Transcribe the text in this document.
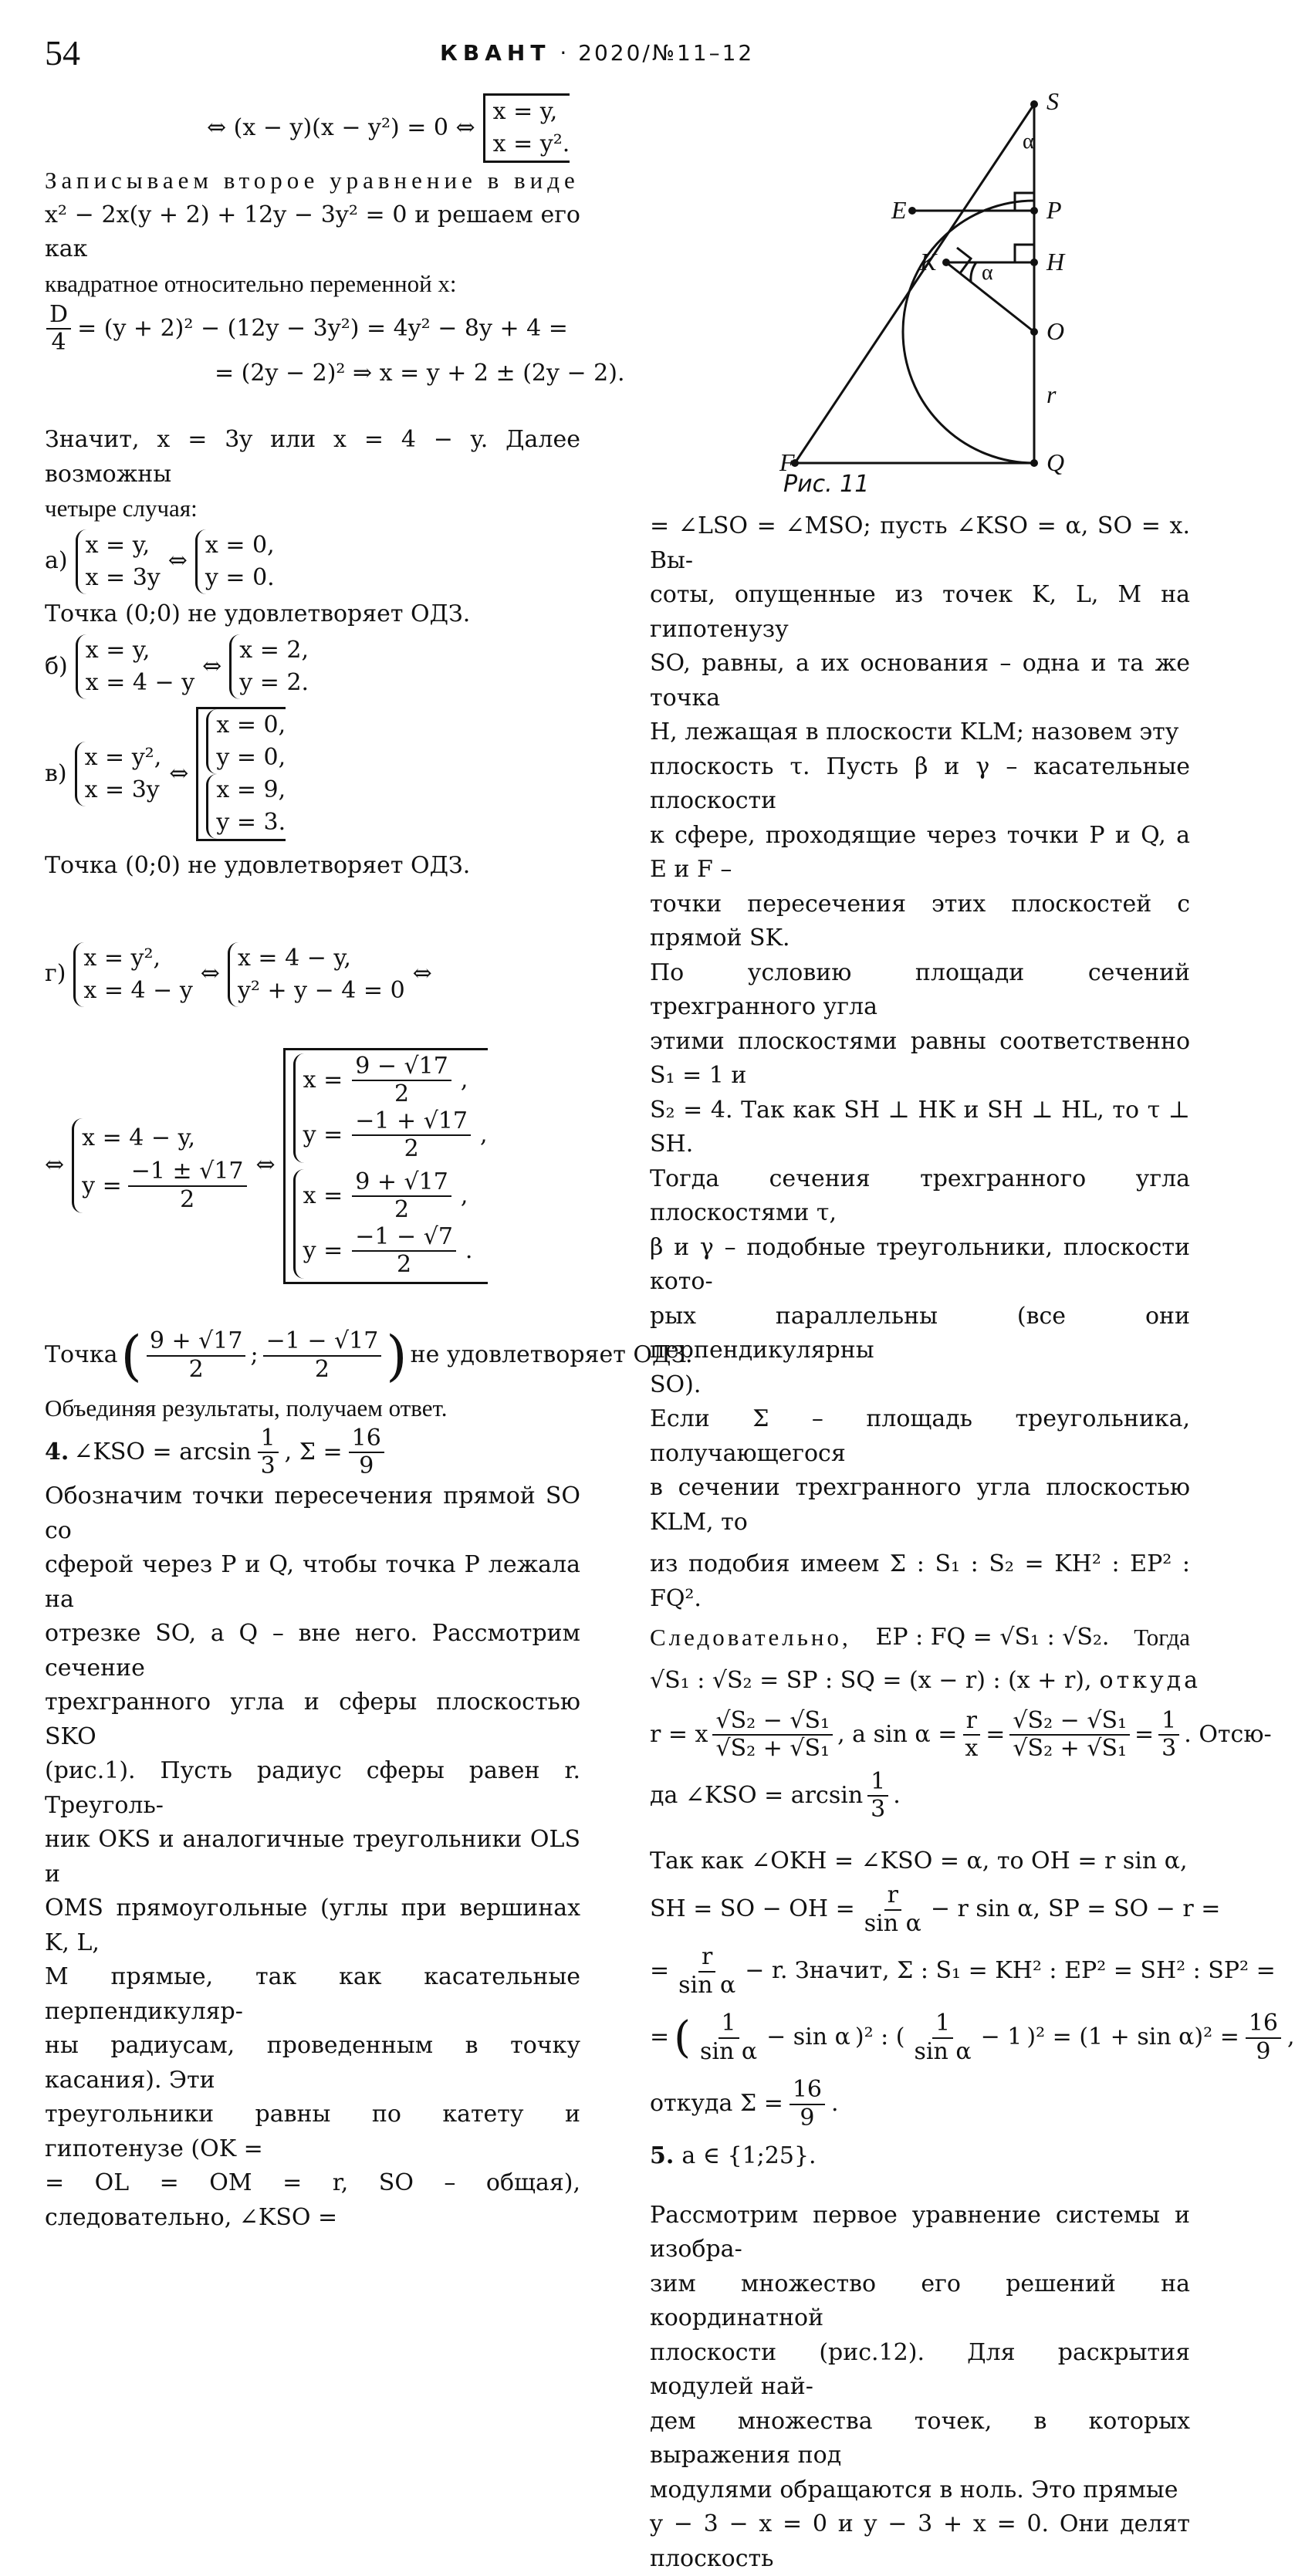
54	КВАНТ · 2020/№11–12
⇔ (x − y)(x − y²) = 0 ⇔
x = y,
x = y².
Записываем второе уравнение в виде
x² − 2x(y + 2) + 12y − 3y² = 0 и решаем его как
квадратное относительно переменной x:
$\frac{D}{4} = (y + 2)^2 - (12y - 3y^2) = 4y^2 - 8y + 4$ =
= (2y − 2)² ⇒ x = y + 2 ± (2y − 2).
Значит, x = 3y или x = 4 − y. Далее возможны
четыре случая:
а)
x = y,
x = 3y
⇔
x = 0,
y = 0.
Точка (0;0) не удовлетворяет ОДЗ.
б)
x = y,
x = 4 − y
⇔
x = 2,
y = 2.
в)
x = y²,
x = 3y
⇔
x = 0,
y = 0,
x = 9,
y = 3.
Точка (0;0) не удовлетворяет ОДЗ.
г)
x = y²,
x = 4 − y
⇔
x = 4 − y,
y² + y − 4 = 0
⇔
⇔
x = 4 − y,
$y = \frac{-1 \pm √17}{2}$ ⇔
$x = \frac{9 - √17}{2}$ ,
$y = \frac{-1 + √17}{2}$ ,
$x = \frac{9 + √17}{2}$ ,
$y = \frac{-1 - √7}{2}$ .
Точка ( $\frac{9 + √17}{2}$ ; $\frac{-1 - √17}{2}$ ) не удовлетворяет ОДЗ.
Объединяя результаты, получаем ответ.
4. ∠KSO = $\arcsin \frac{1}{3}$ , $\Sigma = \frac{16}{9}$
Обозначим точки пересечения прямой SO со
сферой через P и Q, чтобы точка P лежала на
отрезке SO, а Q – вне него. Рассмотрим сечение
трехгранного угла и сферы плоскостью SKO
(рис.1). Пусть радиус сферы равен r. Треуголь-
ник OKS и аналогичные треугольники OLS и
OMS прямоугольные (углы при вершинах K, L,
M прямые, так как касательные перпендикуляр-
ны радиусам, проведенным в точку касания). Эти
треугольники равны по катету и гипотенузе (OK =
= OL = OM = r, SO – общая), следовательно, ∠KSO =
S
α
E	P
K α H
O
r
F	Q
Рис. 11
= ∠LSO = ∠MSO; пусть ∠KSO = α, SO = x. Вы-
соты, опущенные из точек K, L, M на гипотенузу
SO, равны, а их основания – одна и та же точка
H, лежащая в плоскости KLM; назовем эту
плоскость τ. Пусть β и γ – касательные плоскости
к сфере, проходящие через точки P и Q, а E и F –
точки пересечения этих плоскостей с прямой SK.
По условию площади сечений трехгранного угла
этими плоскостями равны соответственно S₁ = 1 и
S₂ = 4. Так как SH ⊥ HK и SH ⊥ HL, то τ ⊥ SH.
Тогда сечения трехгранного угла плоскостями τ,
β и γ – подобные треугольники, плоскости кото-
рых параллельны (все они перпендикулярны
SO).
Если Σ – площадь треугольника, получающегося
в сечении трехгранного угла плоскостью KLM, то
из подобия имеем Σ : S₁ : S₂ = KH² : EP² : FQ².
Следовательно, EP : FQ = √S₁ : √S₂. Тогда
√S₁ : √S₂ = SP : SQ = (x − r) : (x + r), откуда
r = x $\frac{\text{√S₂ − √S₁}}{\text{√S₂ + √S₁}}$ , a $\sin \alpha = \frac{r}{x} = \frac{\text{√S₂ − √S₁}}{\text{√S₂ + √S₁}} = \frac{1}{3}$ . Отсю-
да ∠KSO = $\arcsin \frac{1}{3}$ .
Так как ∠OKH = ∠KSO = α, то OH = r sin α,
SH = SO − OH = $\frac{r}{\text{sin α}} - r$ sin α, SP = SO − r =
= $\frac{r}{\text{sin α}} - r$. Значит, Σ : S₁ = KH² : EP² = SH² : SP² =
= ( $\frac{1}{\text{sin α}} - \sin \alpha$ )² : ( $\frac{1}{\text{sin α}} - 1$ )$^2 = (1 + \sin \alpha)^2 = \frac{16}{9}$ ,
откуда $\Sigma = \frac{16}{9}$ .
5. a ∈ {1;25}.
Рассмотрим первое уравнение системы и изобра-
зим множество его решений на координатной
плоскости (рис.12). Для раскрытия модулей най-
дем множества точек, в которых выражения под
модулями обращаются в ноль. Это прямые
y − 3 − x = 0 и y − 3 + x = 0. Они делят плоскость
